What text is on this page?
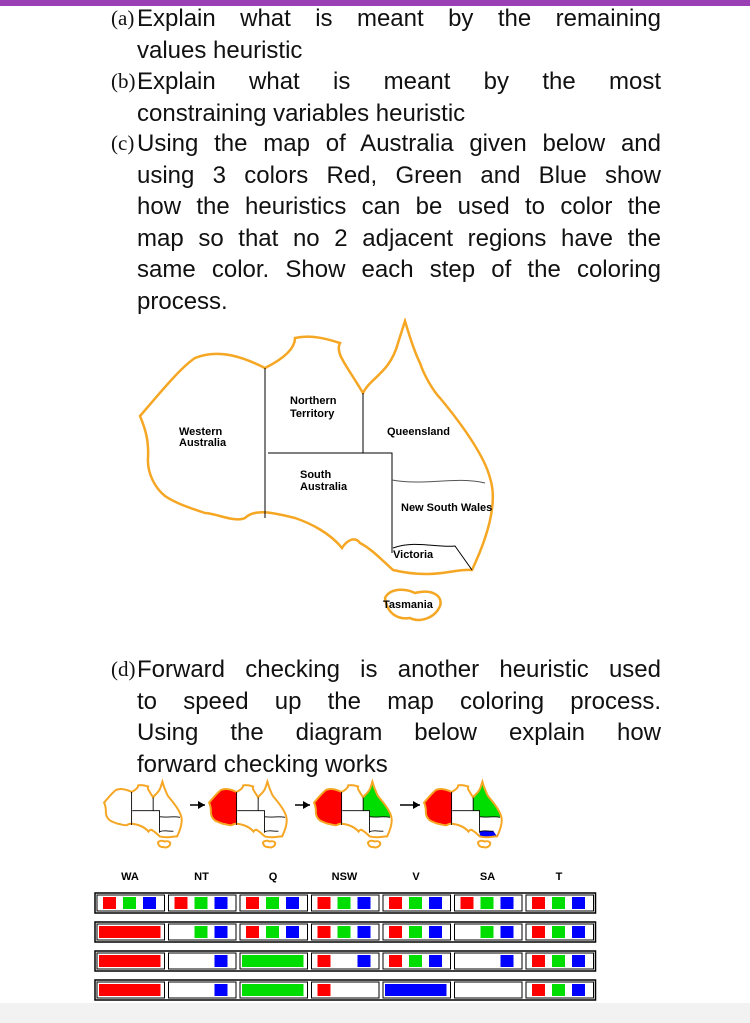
(a) Explain what is meant by the remaining
values heuristic
(b) Explain what is meant by the most
constraining variables heuristic
(c) Using the map of Australia given below and
using 3 colors Red, Green and Blue show
how the heuristics can be used to color the
map so that no 2 adjacent regions have the
same color. Show each step of the coloring
process.
Western Australia
Northern Territory
Queensland
South Australia
New South Wales
Victoria
Tasmania
(d) Forward checking is another heuristic used
to speed up the map coloring process.
Using the diagram below explain how
forward checking works
WA	NT	Q	NSW	V	SA	T
